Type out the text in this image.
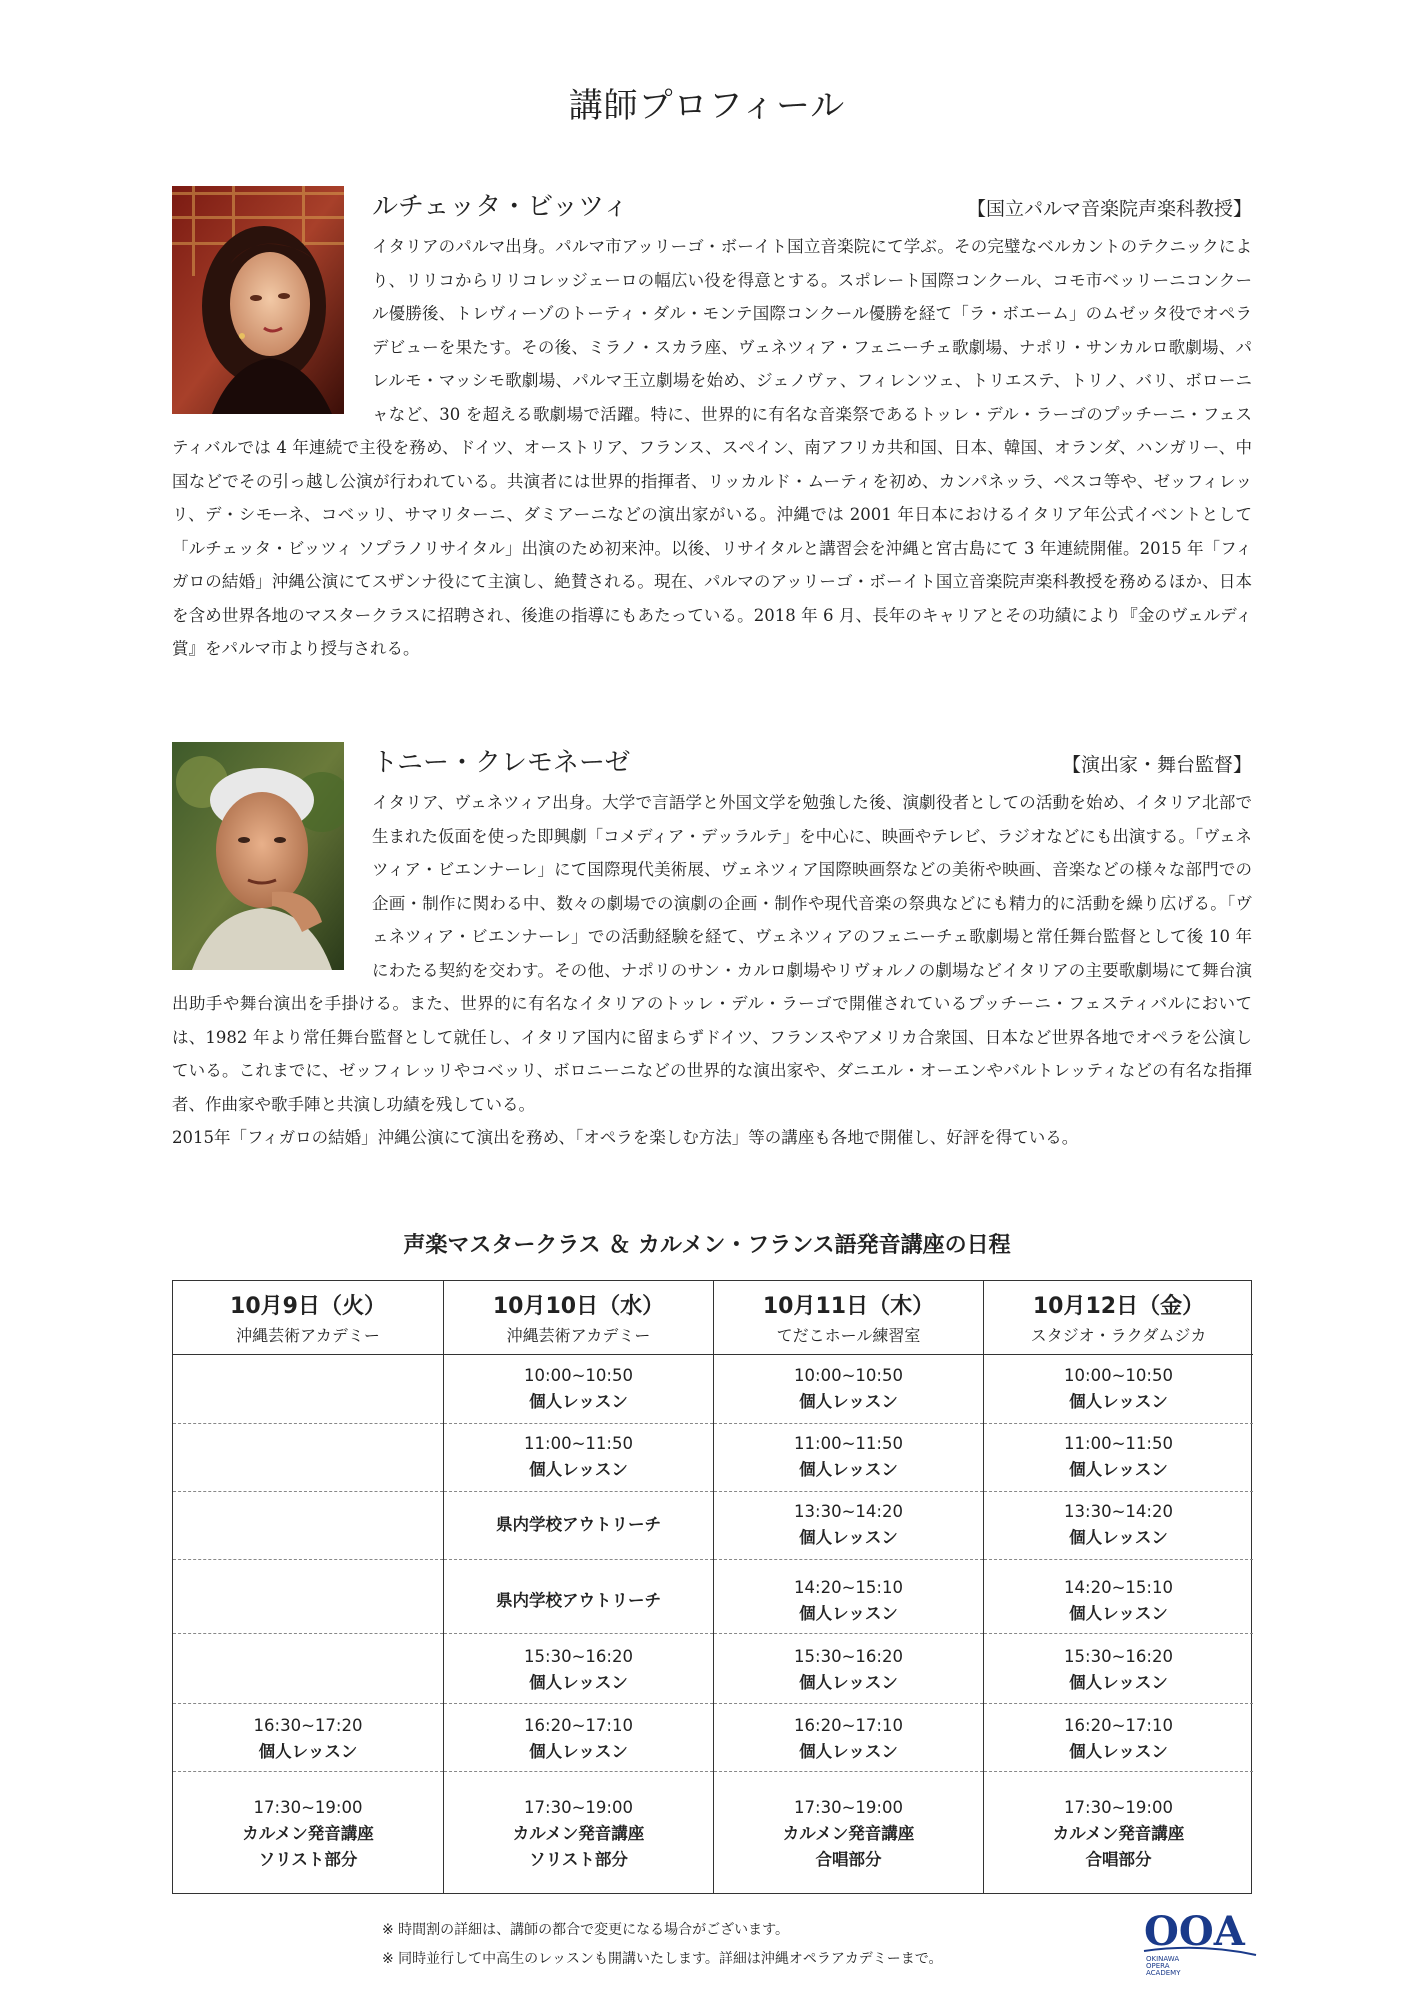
講師プロフィール
ルチェッタ・ビッツィ	【国立パルマ音楽院声楽科教授】
イタリアのパルマ出身。パルマ市アッリーゴ・ボーイト国立音楽院にて学ぶ。その完璧なベルカントのテクニックにより、リリコからリリコレッジェーロの幅広い役を得意とする。スポレート国際コンクール、コモ市ベッリーニコンクール優勝後、トレヴィーゾのトーティ・ダル・モンテ国際コンクール優勝を経て「ラ・ボエーム」のムゼッタ役でオペラデビューを果たす。その後、ミラノ・スカラ座、ヴェネツィア・フェニーチェ歌劇場、ナポリ・サンカルロ歌劇場、パレルモ・マッシモ歌劇場、パルマ王立劇場を始め、ジェノヴァ、フィレンツェ、トリエステ、トリノ、バリ、ボローニャなど、30 を超える歌劇場で活躍。特に、世界的に有名な音楽祭であるトッレ・デル・ラーゴのプッチーニ・フェスティバルでは 4 年連続で主役を務め、ドイツ、オーストリア、フランス、スペイン、南アフリカ共和国、日本、韓国、オランダ、ハンガリー、中国などでその引っ越し公演が行われている。共演者には世界的指揮者、リッカルド・ムーティを初め、カンパネッラ、ペスコ等や、ゼッフィレッリ、デ・シモーネ、コベッリ、サマリターニ、ダミアーニなどの演出家がいる。沖縄では 2001 年日本におけるイタリア年公式イベントとして「ルチェッタ・ビッツィ ソプラノリサイタル」出演のため初来沖。以後、リサイタルと講習会を沖縄と宮古島にて 3 年連続開催。2015 年「フィガロの結婚」沖縄公演にてスザンナ役にて主演し、絶賛される。現在、パルマのアッリーゴ・ボーイト国立音楽院声楽科教授を務めるほか、日本を含め世界各地のマスタークラスに招聘され、後進の指導にもあたっている。2018 年 6 月、長年のキャリアとその功績により『金のヴェルディ賞』をパルマ市より授与される。
トニー・クレモネーゼ	【演出家・舞台監督】
イタリア、ヴェネツィア出身。大学で言語学と外国文学を勉強した後、演劇役者としての活動を始め、イタリア北部で生まれた仮面を使った即興劇「コメディア・デッラルテ」を中心に、映画やテレビ、ラジオなどにも出演する。「ヴェネツィア・ビエンナーレ」にて国際現代美術展、ヴェネツィア国際映画祭などの美術や映画、音楽などの様々な部門での企画・制作に関わる中、数々の劇場での演劇の企画・制作や現代音楽の祭典などにも精力的に活動を繰り広げる。「ヴェネツィア・ビエンナーレ」での活動経験を経て、ヴェネツィアのフェニーチェ歌劇場と常任舞台監督として後 10 年にわたる契約を交わす。その他、ナポリのサン・カルロ劇場やリヴォルノの劇場などイタリアの主要歌劇場にて舞台演出助手や舞台演出を手掛ける。また、世界的に有名なイタリアのトッレ・デル・ラーゴで開催されているプッチーニ・フェスティバルにおいては、1982 年より常任舞台監督として就任し、イタリア国内に留まらずドイツ、フランスやアメリカ合衆国、日本など世界各地でオペラを公演している。これまでに、ゼッフィレッリやコベッリ、ボロニーニなどの世界的な演出家や、ダニエル・オーエンやバルトレッティなどの有名な指揮者、作曲家や歌手陣と共演し功績を残している。
2015年「フィガロの結婚」沖縄公演にて演出を務め、「オペラを楽しむ方法」等の講座も各地で開催し、好評を得ている。
声楽マスタークラス ＆ カルメン・フランス語発音講座の日程
10月9日（火）
沖縄芸術アカデミー
16:30~17:20
個人レッスン
17:30~19:00
カルメン発音講座
ソリスト部分
10月10日（水）
沖縄芸術アカデミー
10:00~10:50
個人レッスン
11:00~11:50
個人レッスン
県内学校アウトリーチ
県内学校アウトリーチ
15:30~16:20
個人レッスン
16:20~17:10
個人レッスン
17:30~19:00
カルメン発音講座
ソリスト部分
10月11日（木）
てだこホール練習室
10:00~10:50
個人レッスン
11:00~11:50
個人レッスン
13:30~14:20
個人レッスン
14:20~15:10
個人レッスン
15:30~16:20
個人レッスン
16:20~17:10
個人レッスン
17:30~19:00
カルメン発音講座
合唱部分
10月12日（金）
スタジオ・ラクダムジカ
10:00~10:50
個人レッスン
11:00~11:50
個人レッスン
13:30~14:20
個人レッスン
14:20~15:10
個人レッスン
15:30~16:20
個人レッスン
16:20~17:10
個人レッスン
17:30~19:00
カルメン発音講座
合唱部分
※ 時間割の詳細は、講師の都合で変更になる場合がございます。
※ 同時並行して中高生のレッスンも開講いたします。詳細は沖縄オペラアカデミーまで。
OOA
OKINAWA
OPERA
ACADEMY
